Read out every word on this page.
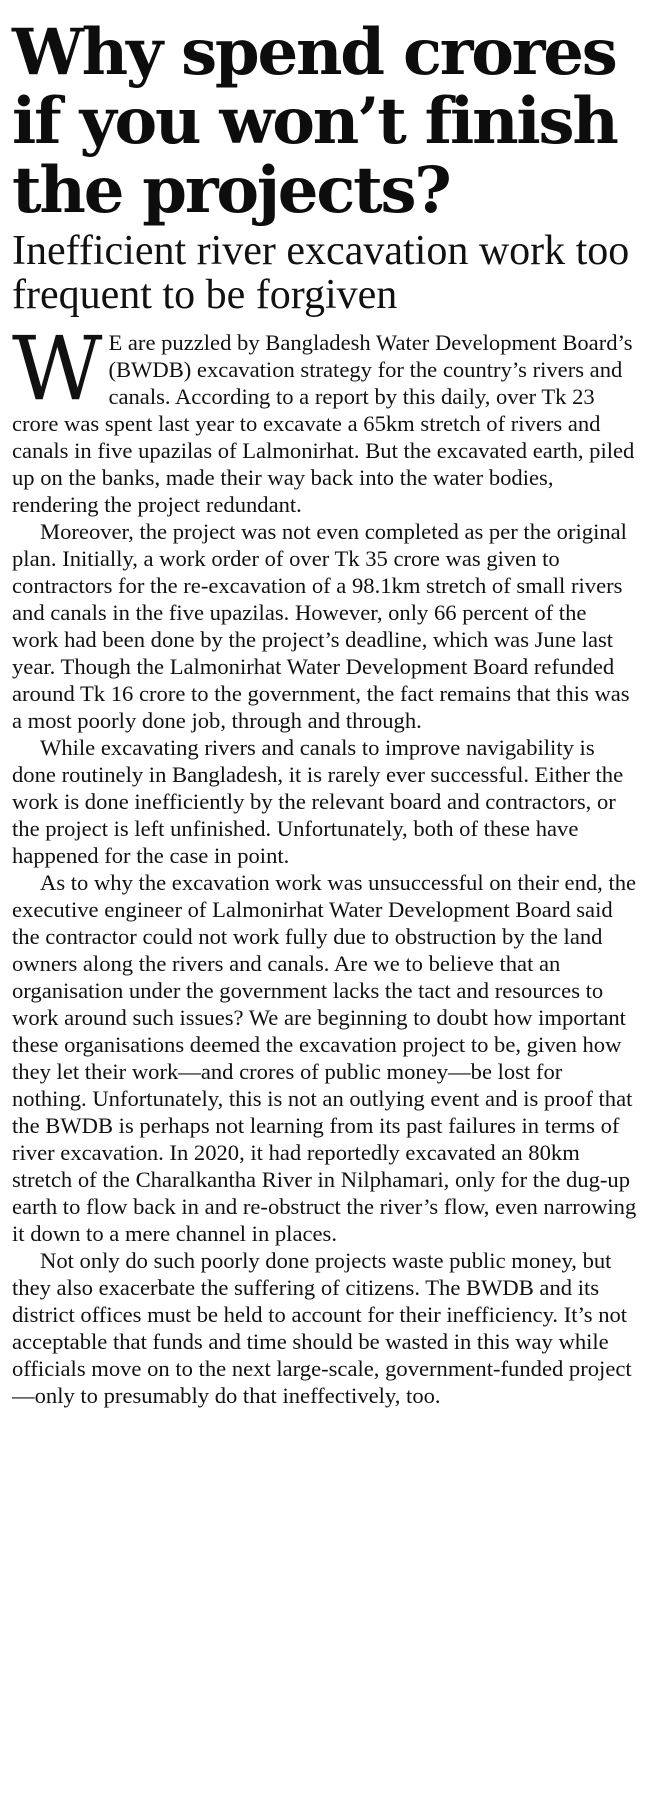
Why spend crores if you won’t finish the projects?
Inefficient river excavation work too frequent to be forgiven

W E are puzzled by Bangladesh Water Development Board’s (BWDB) excavation strategy for the country’s rivers and canals. According to a report by this daily, over Tk 23 crore was spent last year to excavate a 65km stretch of rivers and canals in five upazilas of Lalmonirhat. But the excavated earth, piled up on the banks, made their way back into the water bodies, rendering the project redundant.

Moreover, the project was not even completed as per the original plan. Initially, a work order of over Tk 35 crore was given to contractors for the re-excavation of a 98.1km stretch of small rivers and canals in the five upazilas. However, only 66 percent of the work had been done by the project’s deadline, which was June last year. Though the Lalmonirhat Water Development Board refunded around Tk 16 crore to the government, the fact remains that this was a most poorly done job, through and through.

While excavating rivers and canals to improve navigability is done routinely in Bangladesh, it is rarely ever successful. Either the work is done inefficiently by the relevant board and contractors, or the project is left unfinished. Unfortunately, both of these have happened for the case in point.

As to why the excavation work was unsuccessful on their end, the executive engineer of Lalmonirhat Water Development Board said the contractor could not work fully due to obstruction by the land owners along the rivers and canals. Are we to believe that an organisation under the government lacks the tact and resources to work around such issues? We are beginning to doubt how important these organisations deemed the excavation project to be, given how they let their work—and crores of public money—be lost for nothing. Unfortunately, this is not an outlying event and is proof that the BWDB is perhaps not learning from its past failures in terms of river excavation. In 2020, it had reportedly excavated an 80km stretch of the Charalkantha River in Nilphamari, only for the dug-up earth to flow back in and re-obstruct the river’s flow, even narrowing it down to a mere channel in places.

Not only do such poorly done projects waste public money, but they also exacerbate the suffering of citizens. The BWDB and its district offices must be held to account for their inefficiency. It’s not acceptable that funds and time should be wasted in this way while officials move on to the next large-scale, government-funded project—only to presumably do that ineffectively, too.
